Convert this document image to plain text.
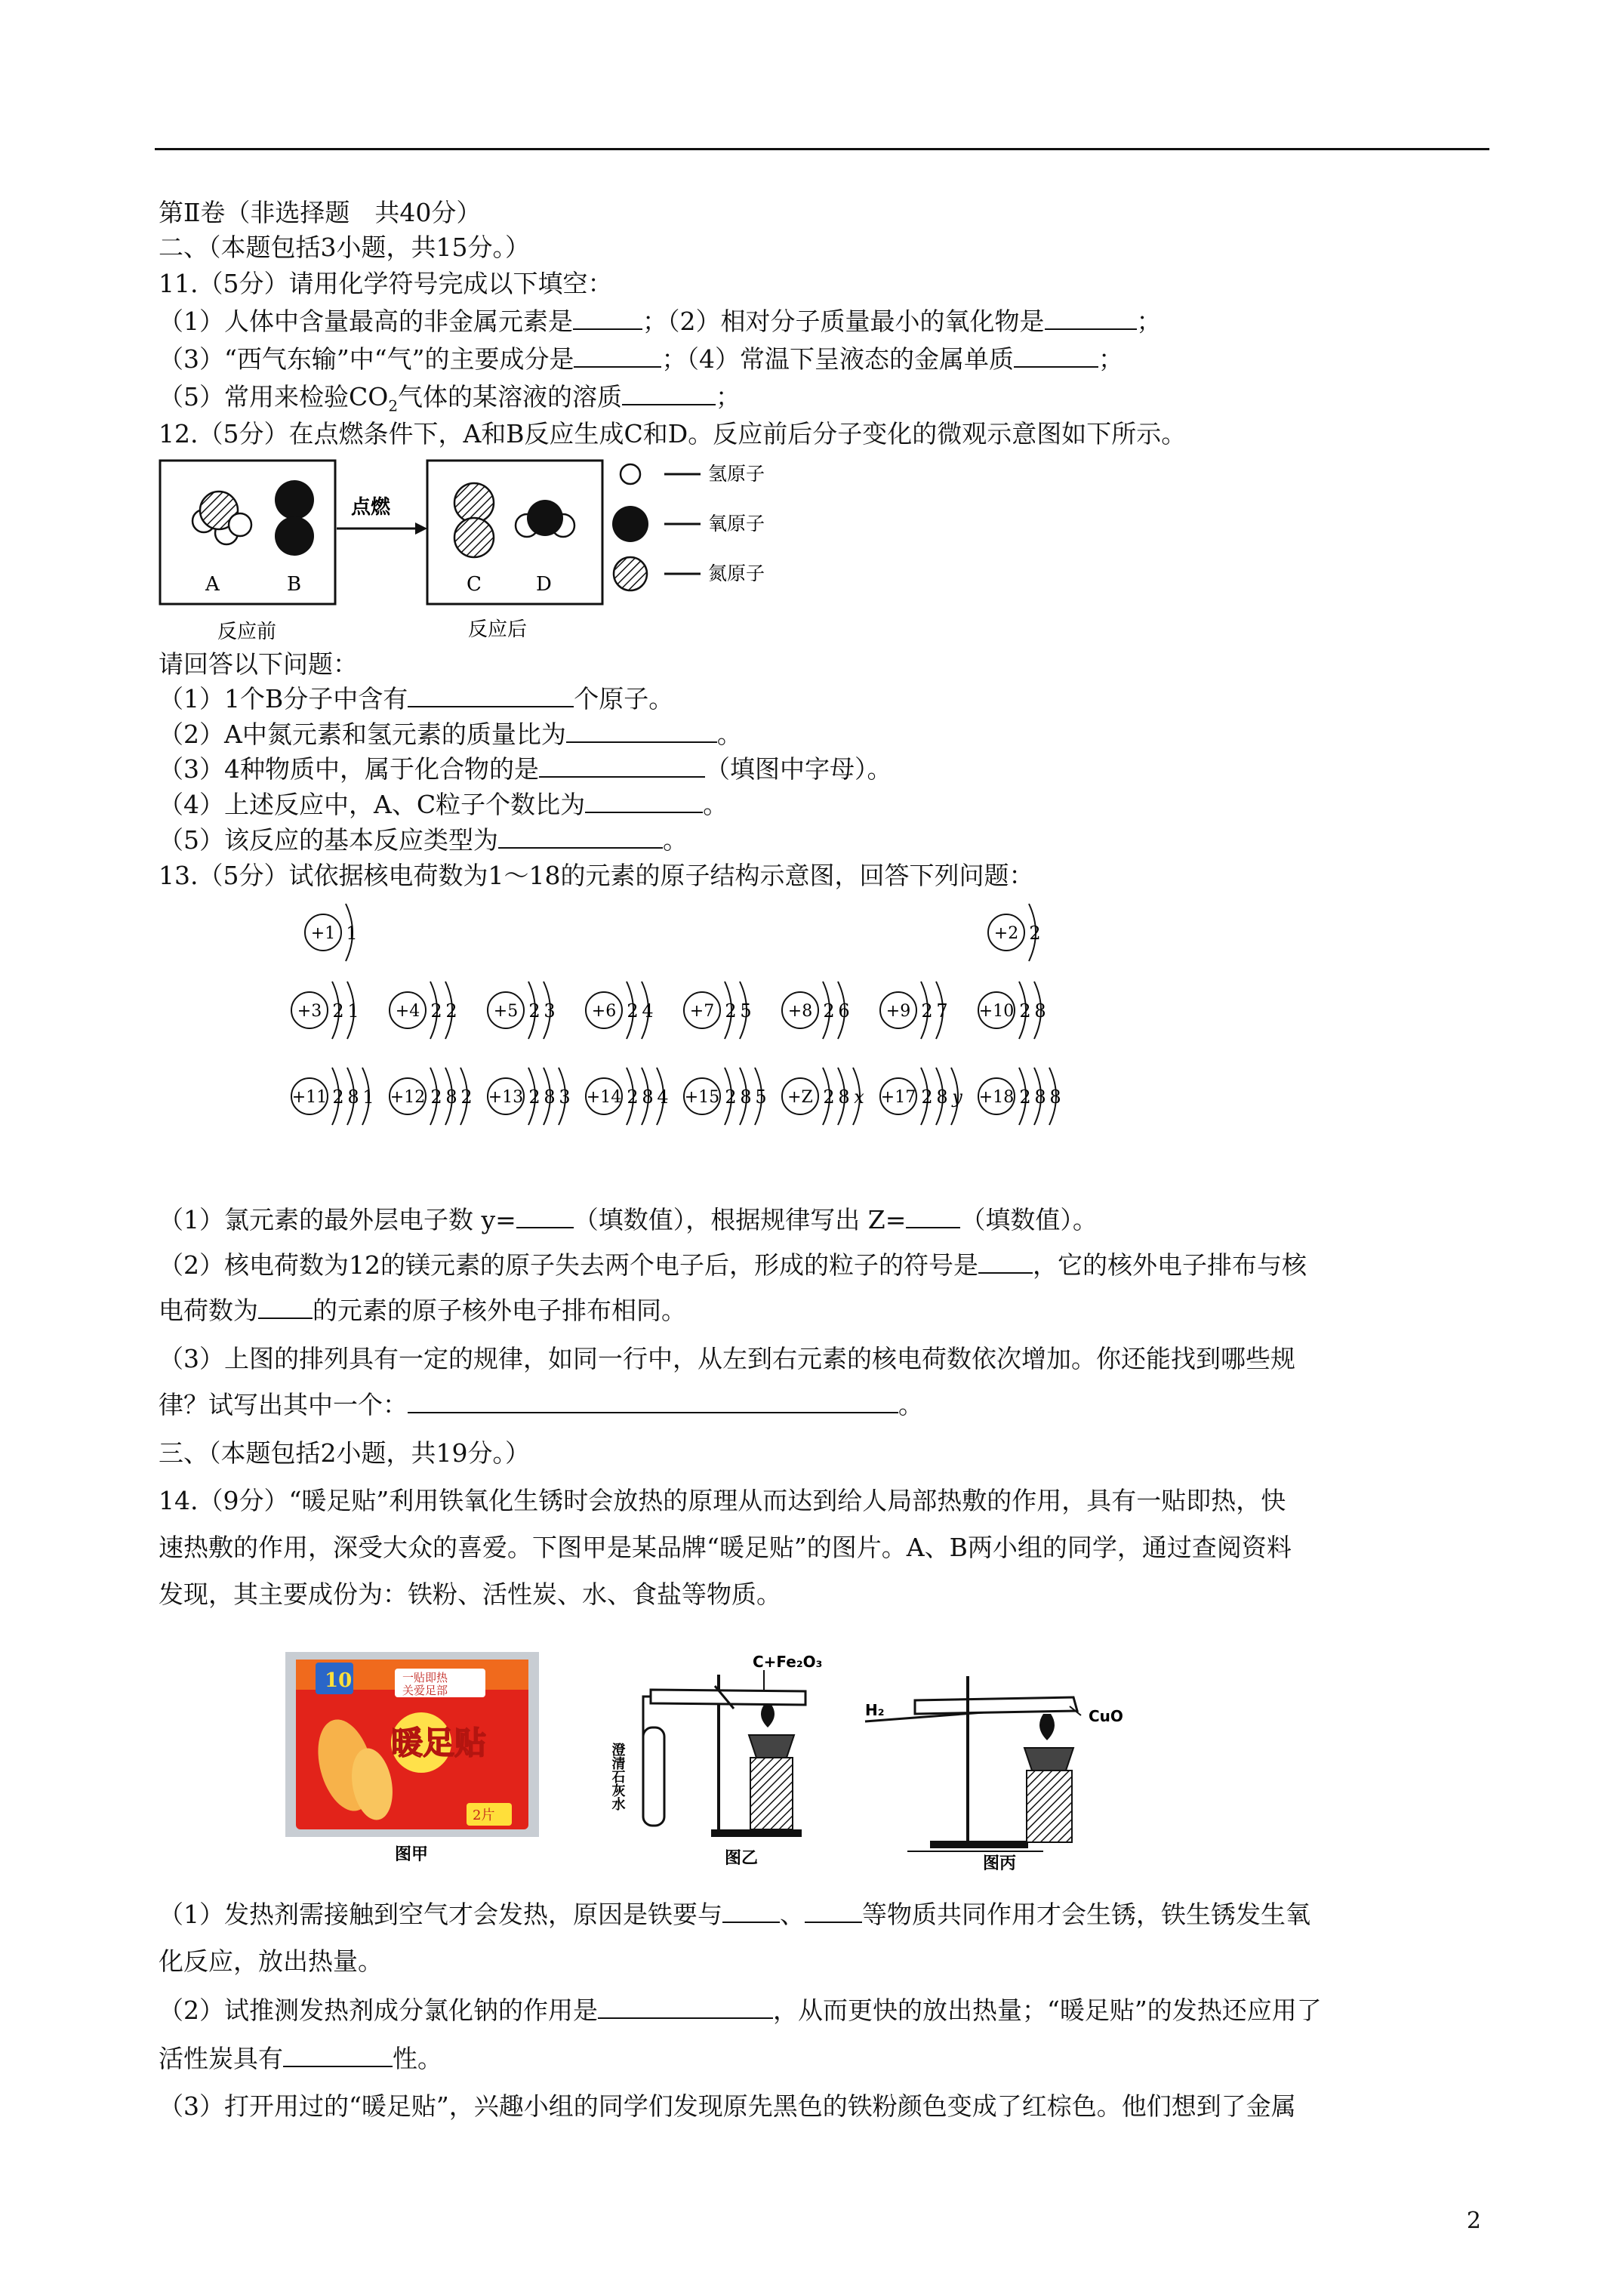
第Ⅱ卷（非选择题　共40分）
二、（本题包括3小题，共15分。）
11.（5分）请用化学符号完成以下填空：
（1）人体中含量最高的非金属元素是	；（2）相对分子质量最小的氧化物是	；
（3）“西气东输”中“气”的主要成分是	；（4）常温下呈液态的金属单质	；
（5）常用来检验$CO_2$气体的某溶液的溶质	；
12.（5分）在点燃条件下，A和B反应生成C和D。反应前后分子变化的微观示意图如下所示。
A	B
点燃
C	D
反应前	反应后
氢原子
氧原子
氮原子
请回答以下问题：
（1）1个B分子中含有	个原子。
（2）A中氮元素和氢元素的质量比为	。
（3）4种物质中，属于化合物的是	（填图中字母）。
（4）上述反应中，A、C粒子个数比为	。
（5）该反应的基本反应类型为	。
13.（5分）试依据核电荷数为1～18的元素的原子结构示意图，回答下列问题：
+1 1	+2 2
+3 2 1 +4 2 2 +5 2 3 +6 2 4 +7 2 5 +8 2 6 +9 2 7 +10 2 8
+11 2 8 1 +12 2 8 2 +13 2 8 3 +14 2 8 4 +15 2 8 5 +Z 2 8 x +17 2 8 y +18 2 8 8
（1）氯元素的最外层电子数 y= （填数值），根据规律写出 Z= （填数值）。
（2）核电荷数为12的镁元素的原子失去两个电子后，形成的粒子的符号是 ，它的核外电子排布与核
电荷数为 的元素的原子核外电子排布相同。
（3）上图的排列具有一定的规律，如同一行中，从左到右元素的核电荷数依次增加。你还能找到哪些规
律？试写出其中一个：	。
三、（本题包括2小题，共19分。）
14.（9分）“暖足贴”利用铁氧化生锈时会放热的原理从而达到给人局部热敷的作用，具有一贴即热，快
速热敷的作用，深受大众的喜爱。下图甲是某品牌“暖足贴”的图片。A、B两小组的同学，通过查阅资料
发现，其主要成份为：铁粉、活性炭、水、食盐等物质。
10	一贴即热
关爱足部
暖足贴
2片
图甲
C+Fe₂O₃
澄清石灰水
图乙
H₂	CuO
图丙
（1）发热剂需接触到空气才会发热，原因是铁要与 、 等物质共同作用才会生锈，铁生锈发生氧
化反应，放出热量。
（2）试推测发热剂成分氯化钠的作用是	，从而更快的放出热量；“暖足贴”的发热还应用了
活性炭具有	性。
（3）打开用过的“暖足贴”，兴趣小组的同学们发现原先黑色的铁粉颜色变成了红棕色。他们想到了金属
2
